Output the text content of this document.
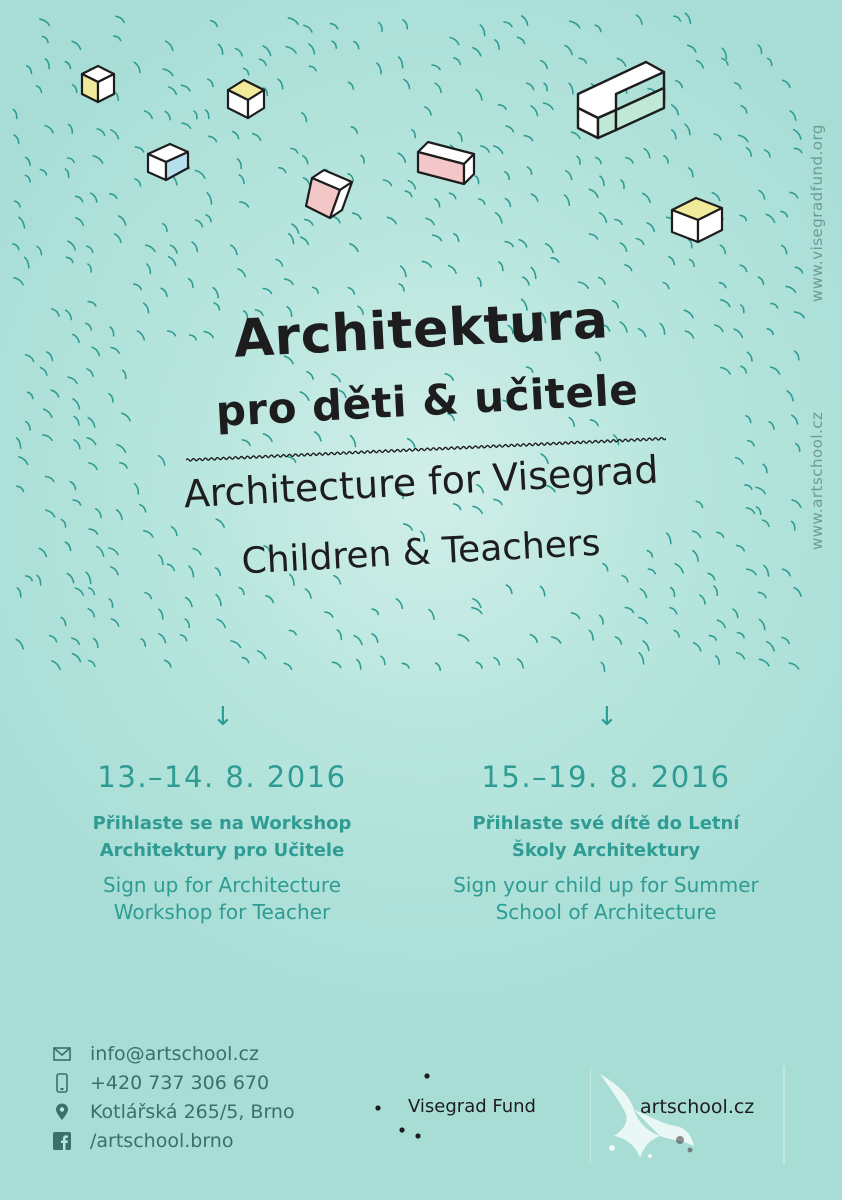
www.visegradfund.org
www.artschool.cz
Architektura
pro děti & učitele
Architecture for Visegrad
Children & Teachers
↓	↓
13.–14. 8. 2016
Přihlaste se na Workshop
Architektury pro Učitele
Sign up for Architecture
Workshop for Teacher
15.–19. 8. 2016
Přihlaste své dítě do Letní
Školy Architektury
Sign your child up for Summer
School of Architecture
info@artschool.cz
+420 737 306 670
Kotlářská 265/5, Brno
/artschool.brno
Visegrad Fund	artschool.cz
